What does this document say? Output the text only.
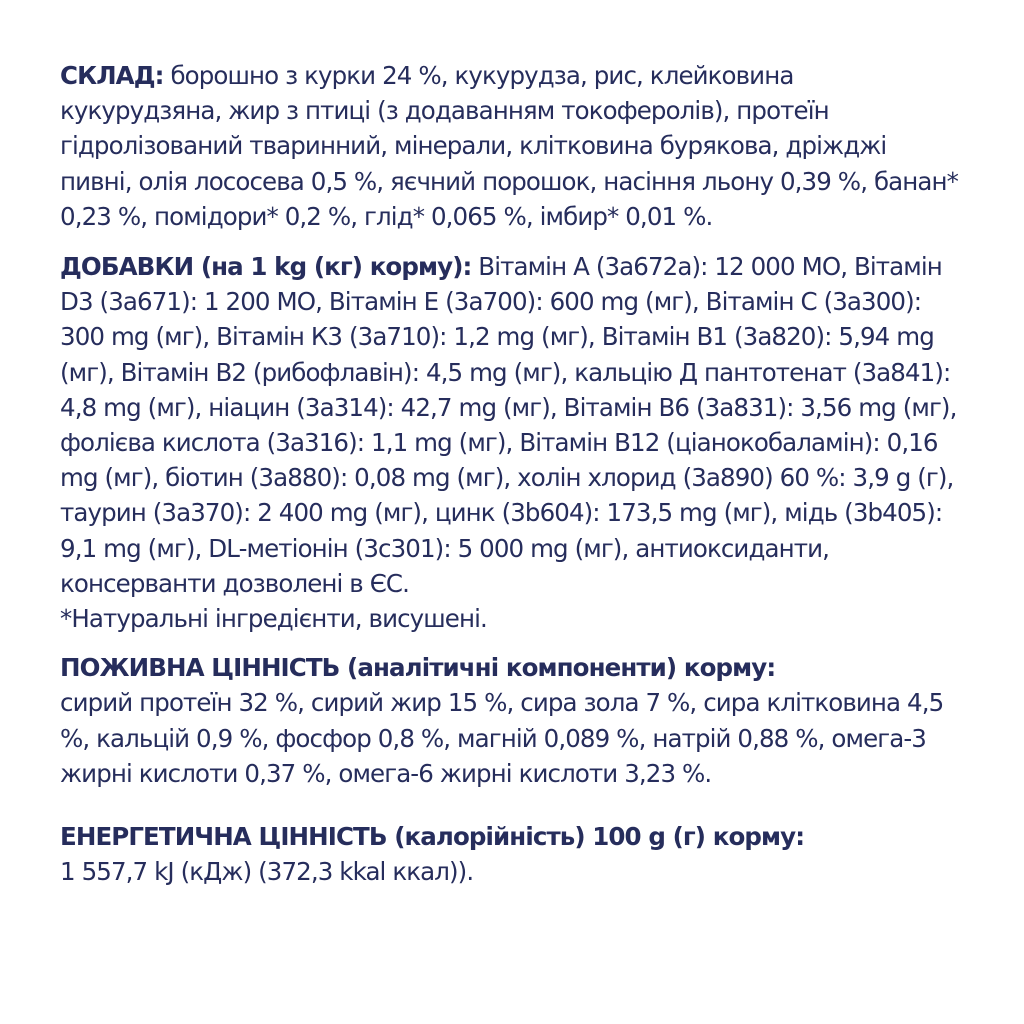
СКЛАД: борошно з курки 24 %, кукурудза, рис, клейковина кукурудзяна, жир з птиці (з додаванням токоферолів), протеїн гідролізований тваринний, мінерали, клітковина бурякова, дріжджі пивні, олія лососева 0,5 %, яєчний порошок, насіння льону 0,39 %, банан* 0,23 %, помідори* 0,2 %, глід* 0,065 %, імбир* 0,01 %.

ДОБАВКИ (на 1 kg (кг) корму): Вітамін А (3а672а): 12 000 МО, Вітамін D3 (3а671): 1 200 МО, Вітамін Е (3а700): 600 mg (мг), Вітамін С (3а300): 300 mg (мг), Вітамін К3 (3а710): 1,2 mg (мг), Вітамін В1 (3а820): 5,94 mg (мг), Вітамін В2 (рибофлавін): 4,5 mg (мг), кальцію Д пантотенат (3а841): 4,8 mg (мг), ніацин (3а314): 42,7 mg (мг), Вітамін В6 (3а831): 3,56 mg (мг), фолієва кислота (3а316): 1,1 mg (мг), Вітамін В12 (ціанокобаламін): 0,16 mg (мг), біотин (3а880): 0,08 mg (мг), холін хлорид (3а890) 60 %: 3,9 g (г), таурин (3а370): 2 400 mg (мг), цинк (3b604): 173,5 mg (мг), мідь (3b405): 9,1 mg (мг), DL-метіонін (3c301): 5 000 mg (мг), антиоксиданти, консерванти дозволені в ЄС.
*Натуральні інгредієнти, висушені.

ПОЖИВНА ЦІННІСТЬ (аналітичні компоненти) корму:
сирий протеїн 32 %, сирий жир 15 %, сира зола 7 %, сира клітковина 4,5 %, кальцій 0,9 %, фосфор 0,8 %, магній 0,089 %, натрій 0,88 %, омега-3 жирні кислоти 0,37 %, омега-6 жирні кислоти 3,23 %.

ЕНЕРГЕТИЧНА ЦІННІСТЬ (калорійність) 100 g (г) корму:
1 557,7 kJ (кДж) (372,3 kkal ккал)).
